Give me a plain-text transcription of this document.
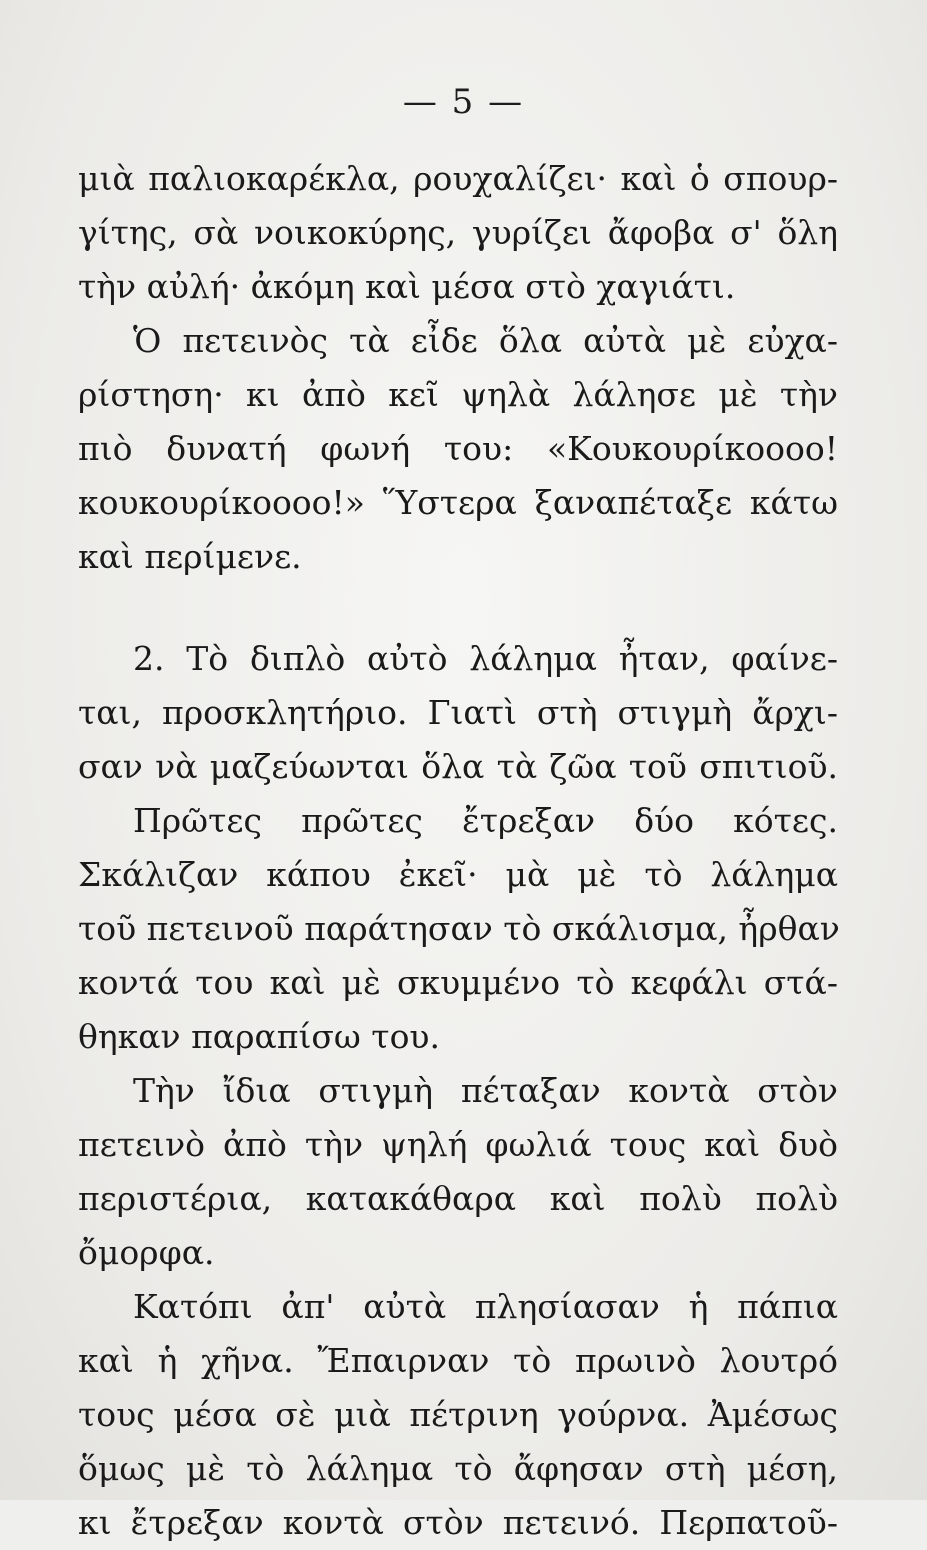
— 5 —
μιὰ παλιοκαρέκλα, ρουχαλίζει· καὶ ὁ σπουρ-
γίτης, σὰ νοικοκύρης, γυρίζει ἄφοβα σ' ὅλη
τὴν αὐλή· ἀκόμη καὶ μέσα στὸ χαγιάτι.
Ὁ πετεινὸς τὰ εἶδε ὅλα αὐτὰ μὲ εὐχα-
ρίστηση· κι ἀπὸ κεῖ ψηλὰ λάλησε μὲ τὴν
πιὸ δυνατή φωνή του: «Κουκουρίκοοοο!
κουκουρίκοοοο!» Ὕστερα ξαναπέταξε κάτω
καὶ περίμενε.
2. Τὸ διπλὸ αὐτὸ λάλημα ἦταν, φαίνε-
ται, προσκλητήριο. Γιατὶ στὴ στιγμὴ ἄρχι-
σαν νὰ μαζεύωνται ὅλα τὰ ζῶα τοῦ σπιτιοῦ.
Πρῶτες πρῶτες ἔτρεξαν δύο κότες.
Σκάλιζαν κάπου ἐκεῖ· μὰ μὲ τὸ λάλημα
τοῦ πετεινοῦ παράτησαν τὸ σκάλισμα, ἦρθαν
κοντά του καὶ μὲ σκυμμένο τὸ κεφάλι στά-
θηκαν παραπίσω του.
Τὴν ἴδια στιγμὴ πέταξαν κοντὰ στὸν
πετεινὸ ἀπὸ τὴν ψηλή φωλιά τους καὶ δυὸ
περιστέρια, κατακάθαρα καὶ πολὺ πολὺ
ὄμορφα.
Κατόπι ἀπ' αὐτὰ πλησίασαν ἡ πάπια
καὶ ἡ χῆνα. Ἔπαιρναν τὸ πρωινὸ λουτρό
τους μέσα σὲ μιὰ πέτρινη γούρνα. Ἀμέσως
ὅμως μὲ τὸ λάλημα τὸ ἄφησαν στὴ μέση,
κι ἔτρεξαν κοντὰ στὸν πετεινό. Περπατοῦ-
